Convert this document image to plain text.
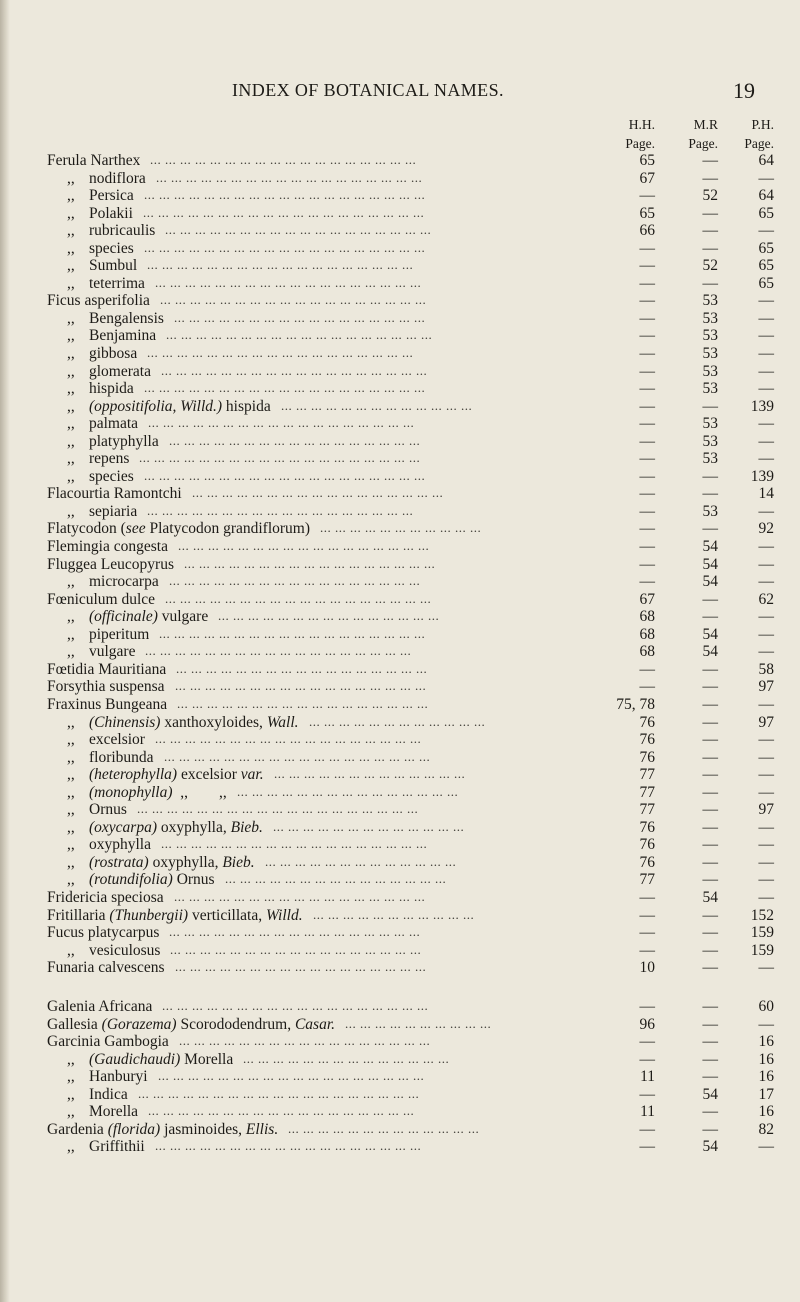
INDEX OF BOTANICAL NAMES.	19
H.H.	M.R	P.H.
Page.	Page.	Page.
Ferula Narthex ... ... ... ... ... ... ... ... ... ... ... ... ... ... ... ... ... ...	65	—	64
,, nodiflora ... ... ... ... ... ... ... ... ... ... ... ... ... ... ... ... ... ...	67	—	—
,, Persica ... ... ... ... ... ... ... ... ... ... ... ... ... ... ... ... ... ... ...	—	52	64
,, Polakii ... ... ... ... ... ... ... ... ... ... ... ... ... ... ... ... ... ... ...	65	—	65
,, rubricaulis ... ... ... ... ... ... ... ... ... ... ... ... ... ... ... ... ... ...	66	—	—
,, species ... ... ... ... ... ... ... ... ... ... ... ... ... ... ... ... ... ... ...	—	—	65
,, Sumbul ... ... ... ... ... ... ... ... ... ... ... ... ... ... ... ... ... ...	—	52	65
,, teterrima ... ... ... ... ... ... ... ... ... ... ... ... ... ... ... ... ... ...	—	—	65
Ficus asperifolia ... ... ... ... ... ... ... ... ... ... ... ... ... ... ... ... ... ...	—	53	—
,, Bengalensis ... ... ... ... ... ... ... ... ... ... ... ... ... ... ... ... ...	—	53	—
,, Benjamina ... ... ... ... ... ... ... ... ... ... ... ... ... ... ... ... ... ...	—	53	—
,, gibbosa ... ... ... ... ... ... ... ... ... ... ... ... ... ... ... ... ... ...	—	53	—
,, glomerata ... ... ... ... ... ... ... ... ... ... ... ... ... ... ... ... ... ...	—	53	—
,, hispida ... ... ... ... ... ... ... ... ... ... ... ... ... ... ... ... ... ... ...	—	53	—
,, (oppositifolia, Willd.) hispida ... ... ... ... ... ... ... ... ... ... ... ... ...	—	—	139
,, palmata ... ... ... ... ... ... ... ... ... ... ... ... ... ... ... ... ... ...	—	53	—
,, platyphylla ... ... ... ... ... ... ... ... ... ... ... ... ... ... ... ... ...	—	53	—
,, repens ... ... ... ... ... ... ... ... ... ... ... ... ... ... ... ... ... ... ...	—	53	—
,, species ... ... ... ... ... ... ... ... ... ... ... ... ... ... ... ... ... ... ...	—	—	139
Flacourtia Ramontchi ... ... ... ... ... ... ... ... ... ... ... ... ... ... ... ... ...	—	—	14
,, sepiaria ... ... ... ... ... ... ... ... ... ... ... ... ... ... ... ... ... ...	—	53	—
Flatycodon (see Platycodon grandiflorum) ... ... ... ... ... ... ... ... ... ... ...	—	—	92
Flemingia congesta ... ... ... ... ... ... ... ... ... ... ... ... ... ... ... ... ...	—	54	—
Fluggea Leucopyrus ... ... ... ... ... ... ... ... ... ... ... ... ... ... ... ... ...	—	54	—
,, microcarpa ... ... ... ... ... ... ... ... ... ... ... ... ... ... ... ... ...	—	54	—
Fœniculum dulce ... ... ... ... ... ... ... ... ... ... ... ... ... ... ... ... ... ...	67	—	62
,, (officinale) vulgare ... ... ... ... ... ... ... ... ... ... ... ... ... ... ...	68	—	—
,, piperitum ... ... ... ... ... ... ... ... ... ... ... ... ... ... ... ... ... ...	68	54	—
,, vulgare ... ... ... ... ... ... ... ... ... ... ... ... ... ... ... ... ... ...	68	54	—
Fœtidia Mauritiana ... ... ... ... ... ... ... ... ... ... ... ... ... ... ... ... ...	—	—	58
Forsythia suspensa ... ... ... ... ... ... ... ... ... ... ... ... ... ... ... ... ...	—	—	97
Fraxinus Bungeana ... ... ... ... ... ... ... ... ... ... ... ... ... ... ... ... ...	75, 78	—	—
,, (Chinensis) xanthoxyloides, Wall. ... ... ... ... ... ... ... ... ... ... ... ...	76	—	97
,, excelsior ... ... ... ... ... ... ... ... ... ... ... ... ... ... ... ... ... ...	76	—	—
,, floribunda ... ... ... ... ... ... ... ... ... ... ... ... ... ... ... ... ... ...	76	—	—
,, (heterophylla) excelsior var. ... ... ... ... ... ... ... ... ... ... ... ... ...	77	—	—
,, (monophylla)  ,,        ,, ... ... ... ... ... ... ... ... ... ... ... ... ... ... ...	77	—	—
,, Ornus ... ... ... ... ... ... ... ... ... ... ... ... ... ... ... ... ... ... ...	77	—	97
,, (oxycarpa) oxyphylla, Bieb. ... ... ... ... ... ... ... ... ... ... ... ... ...	76	—	—
,, oxyphylla ... ... ... ... ... ... ... ... ... ... ... ... ... ... ... ... ... ...	76	—	—
,, (rostrata) oxyphylla, Bieb. ... ... ... ... ... ... ... ... ... ... ... ... ...	76	—	—
,, (rotundifolia) Ornus ... ... ... ... ... ... ... ... ... ... ... ... ... ... ...	77	—	—
Fridericia speciosa ... ... ... ... ... ... ... ... ... ... ... ... ... ... ... ... ...	—	54	—
Fritillaria (Thunbergii) verticillata, Willd. ... ... ... ... ... ... ... ... ... ... ...	—	—	152
Fucus platycarpus ... ... ... ... ... ... ... ... ... ... ... ... ... ... ... ... ...	—	—	159
,, vesiculosus ... ... ... ... ... ... ... ... ... ... ... ... ... ... ... ... ...	—	—	159
Funaria calvescens ... ... ... ... ... ... ... ... ... ... ... ... ... ... ... ... ...	10	—	—
Galenia Africana ... ... ... ... ... ... ... ... ... ... ... ... ... ... ... ... ... ...	—	—	60
Gallesia (Gorazema) Scorododendrum, Casar. ... ... ... ... ... ... ... ... ... ...	96	—	—
Garcinia Gambogia ... ... ... ... ... ... ... ... ... ... ... ... ... ... ... ... ...	—	—	16
,, (Gaudichaudi) Morella ... ... ... ... ... ... ... ... ... ... ... ... ... ...	—	—	16
,, Hanburyi ... ... ... ... ... ... ... ... ... ... ... ... ... ... ... ... ... ...	11	—	16
,, Indica ... ... ... ... ... ... ... ... ... ... ... ... ... ... ... ... ... ... ...	—	54	17
,, Morella ... ... ... ... ... ... ... ... ... ... ... ... ... ... ... ... ... ...	11	—	16
Gardenia (florida) jasminoides, Ellis. ... ... ... ... ... ... ... ... ... ... ... ... ...	—	—	82
,, Griffithii ... ... ... ... ... ... ... ... ... ... ... ... ... ... ... ... ... ...	—	54	—
